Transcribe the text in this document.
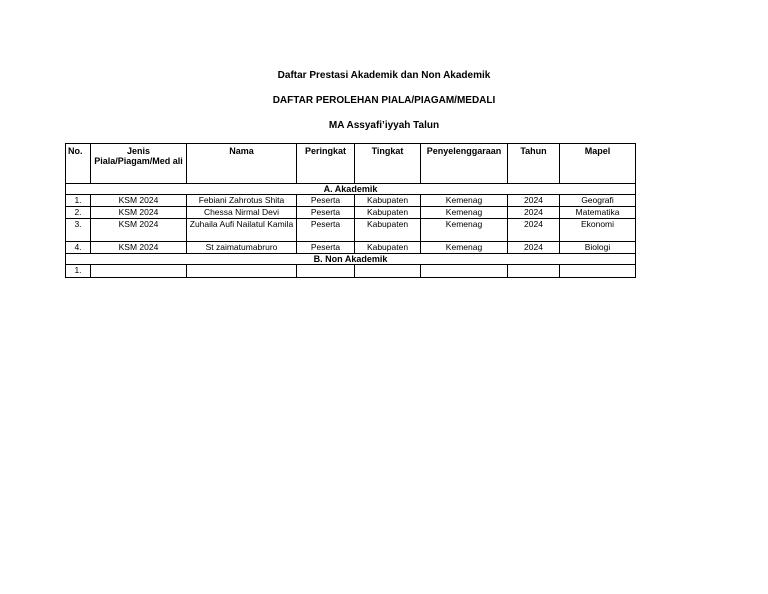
Daftar Prestasi Akademik dan Non Akademik
DAFTAR PEROLEHAN PIALA/PIAGAM/MEDALI
MA Assyafi’iyyah Talun
No.	Jenis Piala/Piagam/Med ali	Nama	Peringkat	Tingkat	Penyelenggaraan	Tahun	Mapel
A. Akademik							
1.	KSM 2024	Febiani Zahrotus Shita	Peserta	Kabupaten	Kemenag	2024	Geografi
2.	KSM 2024	Chessa Nirmal Devi	Peserta	Kabupaten	Kemenag	2024	Matematika
3.	KSM 2024	Zuhaila Aufi Nailatul Kamila	Peserta	Kabupaten	Kemenag	2024	Ekonomi
4.	KSM 2024	St zaimatumabruro	Peserta	Kabupaten	Kemenag	2024	Biologi
B. Non Akademik							
1.							
